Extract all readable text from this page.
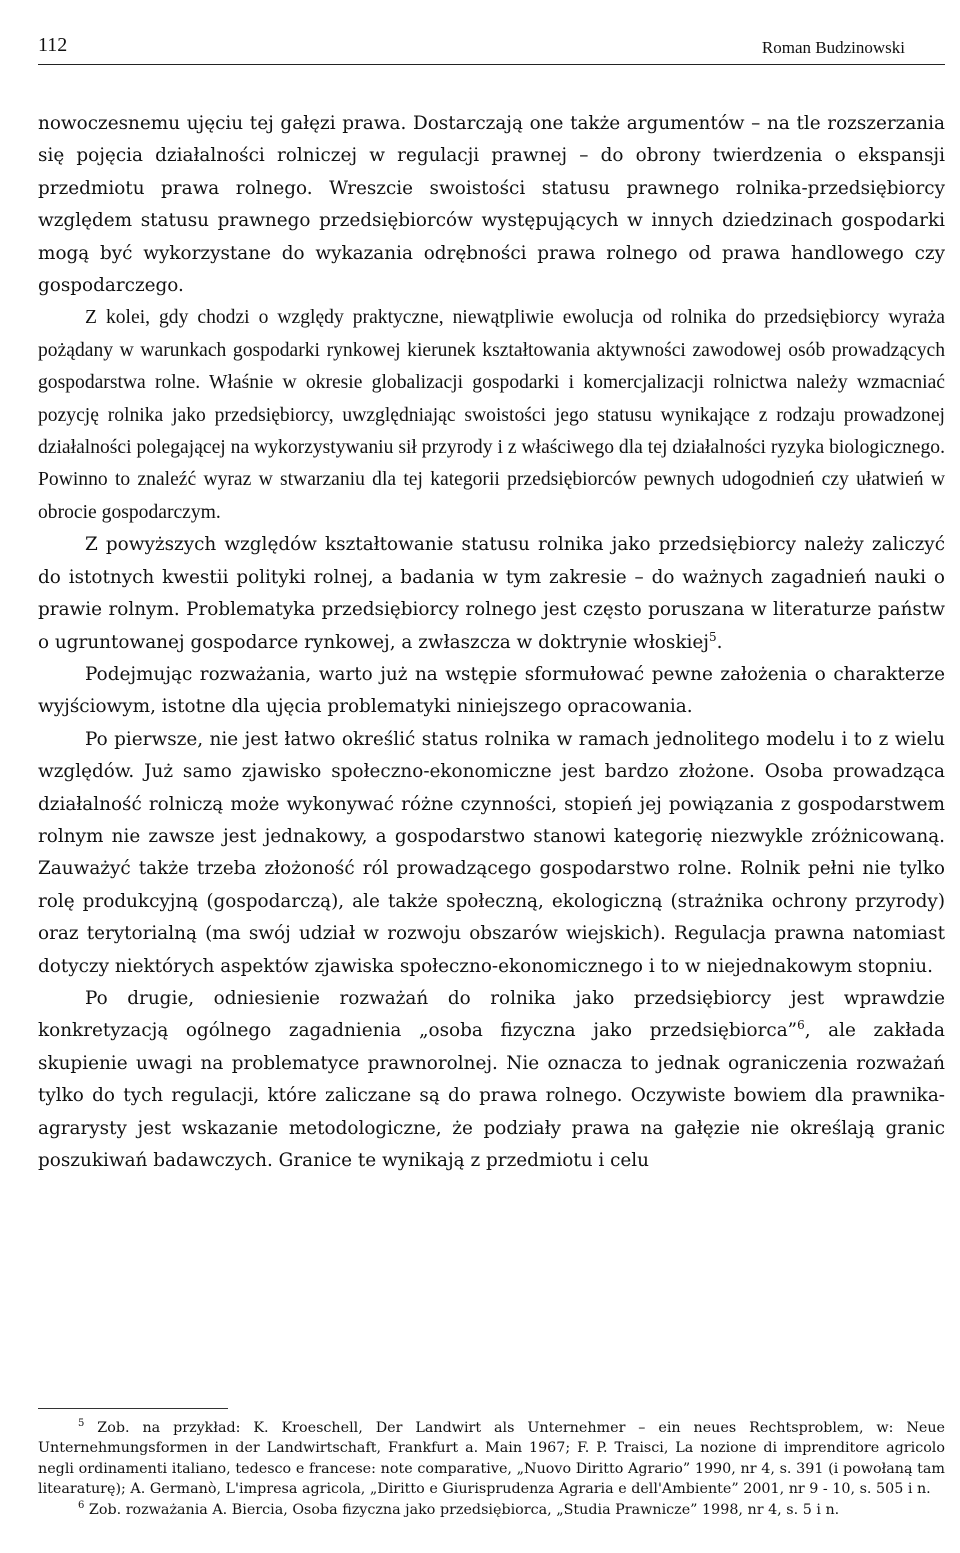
112	Roman Budzinowski

nowoczesnemu ujęciu tej gałęzi prawa. Dostarczają one także argumentów – na tle rozszerzania się pojęcia działalności rolniczej w regulacji prawnej – do obrony twierdzenia o ekspansji przedmiotu prawa rolnego. Wreszcie swoistości statusu prawnego rolnika-przedsiębiorcy względem statusu prawnego przedsiębiorców występujących w innych dziedzinach gospodarki mogą być wykorzystane do wykazania odrębności prawa rolnego od prawa handlowego czy gospodarczego.

Z kolei, gdy chodzi o względy praktyczne, niewątpliwie ewolucja od rolnika do przedsiębiorcy wyraża pożądany w warunkach gospodarki rynkowej kierunek kształtowania aktywności zawodowej osób prowadzących gospodarstwa rolne. Właśnie w okresie globalizacji gospodarki i komercjalizacji rolnictwa należy wzmacniać pozycję rolnika jako przedsiębiorcy, uwzględniając swoistości jego statusu wynikające z rodzaju prowadzonej działalności polegającej na wykorzystywaniu sił przyrody i z właściwego dla tej działalności ryzyka biologicznego. Powinno to znaleźć wyraz w stwarzaniu dla tej kategorii przedsiębiorców pewnych udogodnień czy ułatwień w obrocie gospodarczym.

Z powyższych względów kształtowanie statusu rolnika jako przedsiębiorcy należy zaliczyć do istotnych kwestii polityki rolnej, a badania w tym zakresie – do ważnych zagadnień nauki o prawie rolnym. Problematyka przedsiębiorcy rolnego jest często poruszana w literaturze państw o ugruntowanej gospodarce rynkowej, a zwłaszcza w doktrynie włoskiej$^5$.

Podejmując rozważania, warto już na wstępie sformułować pewne założenia o charakterze wyjściowym, istotne dla ujęcia problematyki niniejszego opracowania.

Po pierwsze, nie jest łatwo określić status rolnika w ramach jednolitego modelu i to z wielu względów. Już samo zjawisko społeczno-ekonomiczne jest bardzo złożone. Osoba prowadząca działalność rolniczą może wykonywać różne czynności, stopień jej powiązania z gospodarstwem rolnym nie zawsze jest jednakowy, a gospodarstwo stanowi kategorię niezwykle zróżnicowaną. Zauważyć także trzeba złożoność ról prowadzącego gospodarstwo rolne. Rolnik pełni nie tylko rolę produkcyjną (gospodarczą), ale także społeczną, ekologiczną (strażnika ochrony przyrody) oraz terytorialną (ma swój udział w rozwoju obszarów wiejskich). Regulacja prawna natomiast dotyczy niektórych aspektów zjawiska społeczno-ekonomicznego i to w niejednakowym stopniu.

Po drugie, odniesienie rozważań do rolnika jako przedsiębiorcy jest wprawdzie konkretyzacją ogólnego zagadnienia „osoba fizyczna jako przedsiębiorca”$^6$, ale zakłada skupienie uwagi na problematyce prawnorolnej. Nie oznacza to jednak ograniczenia rozważań tylko do tych regulacji, które zaliczane są do prawa rolnego. Oczywiste bowiem dla prawnika-agrarysty jest wskazanie metodologiczne, że podziały prawa na gałęzie nie określają granic poszukiwań badawczych. Granice te wynikają z przedmiotu i celu

$^5$ Zob. na przykład: K. Kroeschell, Der Landwirt als Unternehmer – ein neues Rechtsproblem, w: Neue Unternehmungsformen in der Landwirtschaft, Frankfurt a. Main 1967; F. P. Traisci, La nozione di imprenditore agricolo negli ordinamenti italiano, tedesco e francese: note comparative, „Nuovo Diritto Agrario” 1990, nr 4, s. 391 (i powołaną tam litearaturę); A. Germanò, L'impresa agricola, „Diritto e Giurisprudenza Agraria e dell'Ambiente” 2001, nr 9 - 10, s. 505 i n.

$^6$ Zob. rozważania A. Biercia, Osoba fizyczna jako przedsiębiorca, „Studia Prawnicze” 1998, nr 4, s. 5 i n.
